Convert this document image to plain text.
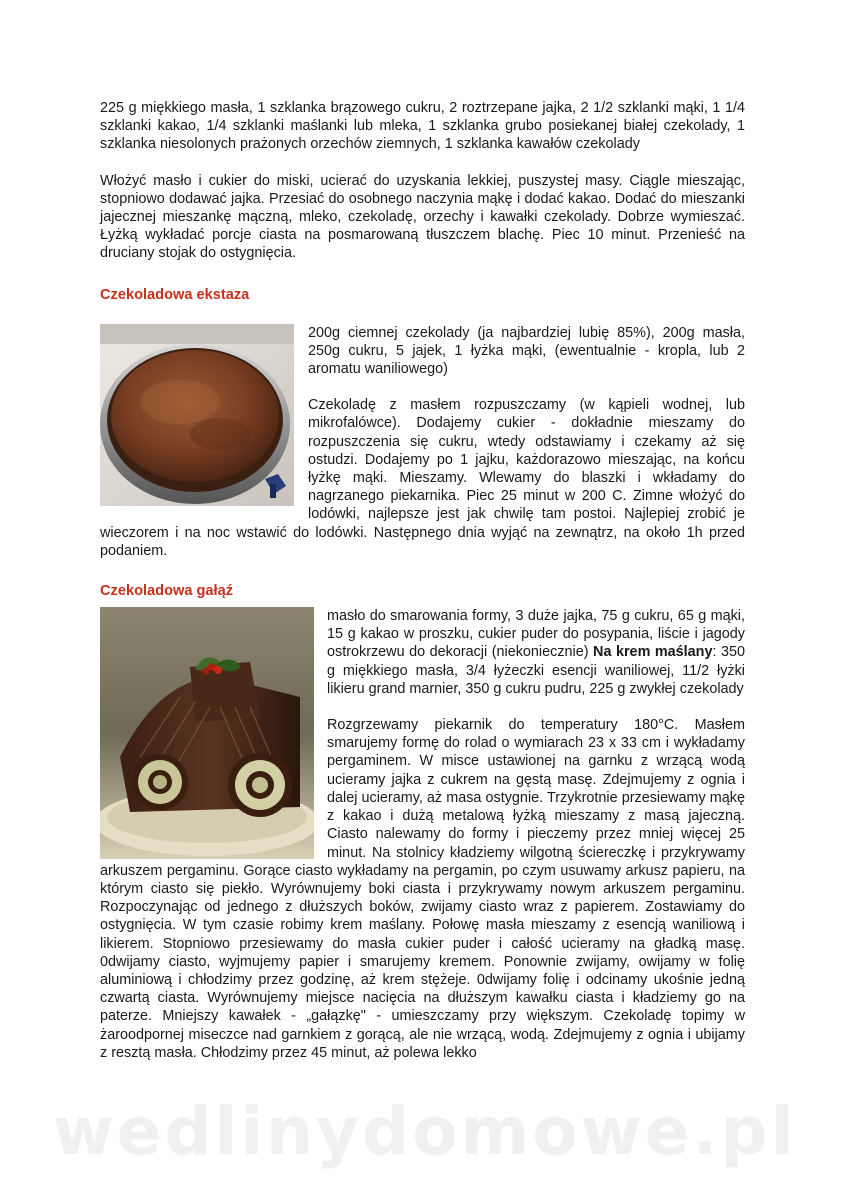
225 g miękkiego masła, 1 szklanka brązowego cukru, 2 roztrzepane jajka, 2 1/2 szklanki mąki, 1 1/4 szklanki kakao, 1/4 szklanki maślanki lub mleka, 1 szklanka grubo posiekanej białej czekolady, 1 szklanka niesolonych prażonych orzechów ziemnych, 1 szklanka kawałów czekolady

Włożyć masło i cukier do miski, ucierać do uzyskania lekkiej, puszystej masy. Ciągle mieszając, stopniowo dodawać jajka. Przesiać do osobnego naczynia mąkę i dodać kakao. Dodać do mieszanki jajecznej mieszankę mączną, mleko, czekoladę, orzechy i kawałki czekolady. Dobrze wymieszać. Łyżką wykładać porcje ciasta na posmarowaną tłuszczem blachę. Piec 10 minut. Przenieść na druciany stojak do ostygnięcia.

Czekoladowa ekstaza

200g ciemnej czekolady (ja najbardziej lubię 85%), 200g masła, 250g cukru, 5 jajek, 1 łyżka mąki, (ewentualnie - kropla, lub 2 aromatu waniliowego)

Czekoladę z masłem rozpuszczamy (w kąpieli wodnej, lub mikrofalówce). Dodajemy cukier - dokładnie mieszamy do rozpuszczenia się cukru, wtedy odstawiamy i czekamy aż się ostudzi. Dodajemy po 1 jajku, każdorazowo mieszając, na końcu łyżkę mąki. Mieszamy. Wlewamy do blaszki i wkładamy do nagrzanego piekarnika. Piec 25 minut w 200 C. Zimne włożyć do lodówki, najlepsze jest jak chwilę tam postoi. Najlepiej zrobić je wieczorem i na noc wstawić do lodówki. Następnego dnia wyjąć na zewnątrz, na około 1h przed podaniem.

Czekoladowa gałąź

masło do smarowania formy, 3 duże jajka, 75 g cukru, 65 g mąki, 15 g kakao w proszku, cukier puder do posypania, liście i jagody ostrokrzewu do dekoracji (niekoniecznie) Na krem maślany: 350 g miękkiego masła, 3/4 łyżeczki esencji waniliowej, 11/2 łyżki likieru grand marnier, 350 g cukru pudru, 225 g zwykłej czekolady

Rozgrzewamy piekarnik do temperatury 180°C. Masłem smarujemy formę do rolad o wymiarach 23 x 33 cm i wykładamy pergaminem. W misce ustawionej na garnku z wrzącą wodą ucieramy jajka z cukrem na gęstą masę. Zdejmujemy z ognia i dalej ucieramy, aż masa ostygnie. Trzykrotnie przesiewamy mąkę z kakao i dużą metalową łyżką mieszamy z masą jajeczną. Ciasto nalewamy do formy i pieczemy przez mniej więcej 25 minut. Na stolnicy kładziemy wilgotną ściereczkę i przykrywamy arkuszem pergaminu. Gorące ciasto wykładamy na pergamin, po czym usuwamy arkusz papieru, na którym ciasto się piekło. Wyrównujemy boki ciasta i przykrywamy nowym arkuszem pergaminu. Rozpoczynając od jednego z dłuższych boków, zwijamy ciasto wraz z papierem. Zostawiamy do ostygnięcia. W tym czasie robimy krem maślany. Połowę masła mieszamy z esencją waniliową i likierem. Stopniowo przesiewamy do masła cukier puder i całość ucieramy na gładką masę. 0dwijamy ciasto, wyjmujemy papier i smarujemy kremem. Ponownie zwijamy, owijamy w folię aluminiową i chłodzimy przez godzinę, aż krem stężeje. 0dwijamy folię i odcinamy ukośnie jedną czwartą ciasta. Wyrównujemy miejsce nacięcia na dłuższym kawałku ciasta i kładziemy go na paterze. Mniejszy kawałek - „gałązkę" - umieszczamy przy większym. Czekoladę topimy w żaroodpornej miseczce nad garnkiem z gorącą, ale nie wrzącą, wodą. Zdejmujemy z ognia i ubijamy z resztą masła. Chłodzimy przez 45 minut, aż polewa lekko

wedlinydomowe.pl
